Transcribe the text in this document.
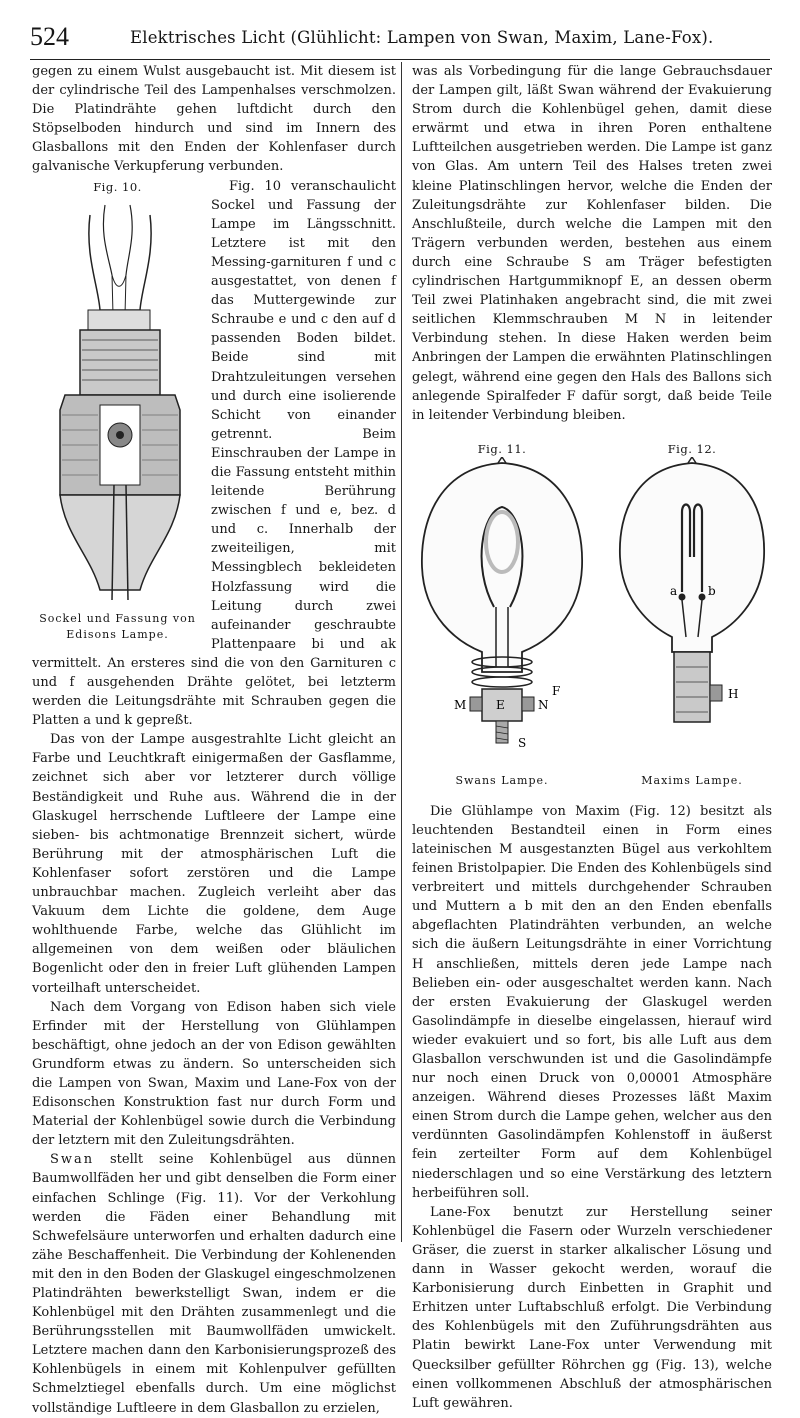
524	Elektrisches Licht (Glühlicht: Lampen von Swan, Maxim, Lane-Fox).

gegen zu einem Wulst ausgebaucht ist. Mit diesem ist der cylindrische Teil des Lampenhalses verschmolzen. Die Platindrähte gehen luftdicht durch den Stöpselboden hindurch und sind im Innern des Glasballons mit den Enden der Kohlenfaser durch galvanische Verkupferung verbunden.

Fig. 10.
Sockel und Fassung von Edisons Lampe.

Fig. 10 veranschaulicht Sockel und Fassung der Lampe im Längsschnitt. Letztere ist mit den Messing-garnituren f und c ausgestattet, von denen f das Muttergewinde zur Schraube e und c den auf d passenden Boden bildet. Beide sind mit Drahtzuleitungen versehen und durch eine isolierende Schicht von einander getrennt. Beim Einschrauben der Lampe in die Fassung entsteht mithin leitende Berührung zwischen f und e, bez. d und c. Innerhalb der zweiteiligen, mit Messingblech bekleideten Holzfassung wird die Leitung durch zwei aufeinander geschraubte Plattenpaare bi und ak vermittelt. An ersteres sind die von den Garnituren c und f ausgehenden Drähte gelötet, bei letzterm werden die Leitungsdrähte mit Schrauben gegen die Platten a und k gepreßt.

Das von der Lampe ausgestrahlte Licht gleicht an Farbe und Leuchtkraft einigermaßen der Gasflamme, zeichnet sich aber vor letzterer durch völlige Beständigkeit und Ruhe aus. Während die in der Glaskugel herrschende Luftleere der Lampe eine sieben- bis achtmonatige Brennzeit sichert, würde Berührung mit der atmosphärischen Luft die Kohlenfaser sofort zerstören und die Lampe unbrauchbar machen. Zugleich verleiht aber das Vakuum dem Lichte die goldene, dem Auge wohlthuende Farbe, welche das Glühlicht im allgemeinen von dem weißen oder bläulichen Bogenlicht oder den in freier Luft glühenden Lampen vorteilhaft unterscheidet.

Nach dem Vorgang von Edison haben sich viele Erfinder mit der Herstellung von Glühlampen beschäftigt, ohne jedoch an der von Edison gewählten Grundform etwas zu ändern. So unterscheiden sich die Lampen von Swan, Maxim und Lane-Fox von der Edisonschen Konstruktion fast nur durch Form und Material der Kohlenbügel sowie durch die Verbindung der letztern mit den Zuleitungsdrähten.

Swan stellt seine Kohlenbügel aus dünnen Baumwollfäden her und gibt denselben die Form einer einfachen Schlinge (Fig. 11). Vor der Verkohlung werden die Fäden einer Behandlung mit Schwefelsäure unterworfen und erhalten dadurch eine zähe Beschaffenheit. Die Verbindung der Kohlenenden mit den in den Boden der Glaskugel eingeschmolzenen Platindrähten bewerkstelligt Swan, indem er die Kohlenbügel mit den Drähten zusammenlegt und die Berührungsstellen mit Baumwollfäden umwickelt. Letztere machen dann den Karbonisierungsprozeß des Kohlenbügels in einem mit Kohlenpulver gefüllten Schmelztiegel ebenfalls durch. Um eine möglichst vollständige Luftleere in dem Glasballon zu erzielen,

was als Vorbedingung für die lange Gebrauchsdauer der Lampen gilt, läßt Swan während der Evakuierung Strom durch die Kohlenbügel gehen, damit diese erwärmt und etwa in ihren Poren enthaltene Luftteilchen ausgetrieben werden. Die Lampe ist ganz von Glas. Am untern Teil des Halses treten zwei kleine Platinschlingen hervor, welche die Enden der Zuleitungsdrähte zur Kohlenfaser bilden. Die Anschlußteile, durch welche die Lampen mit den Trägern verbunden werden, bestehen aus einem durch eine Schraube S am Träger befestigten cylindrischen Hartgummiknopf E, an dessen oberm Teil zwei Platinhaken angebracht sind, die mit zwei seitlichen Klemmschrauben M N in leitender Verbindung stehen. In diese Haken werden beim Anbringen der Lampen die erwähnten Platinschlingen gelegt, während eine gegen den Hals des Ballons sich anlegende Spiralfeder F dafür sorgt, daß beide Teile in leitender Verbindung bleiben.

Fig. 11.
F
M E	N
S
Swans Lampe.
Fig. 12.
a	b
H
Maxims Lampe.

Die Glühlampe von Maxim (Fig. 12) besitzt als leuchtenden Bestandteil einen in Form eines lateinischen M ausgestanzten Bügel aus verkohltem feinen Bristolpapier. Die Enden des Kohlenbügels sind verbreitert und mittels durchgehender Schrauben und Muttern a b mit den an den Enden ebenfalls abgeflachten Platindrähten verbunden, an welche sich die äußern Leitungsdrähte in einer Vorrichtung H anschließen, mittels deren jede Lampe nach Belieben ein- oder ausgeschaltet werden kann. Nach der ersten Evakuierung der Glaskugel werden Gasolindämpfe in dieselbe eingelassen, hierauf wird wieder evakuiert und so fort, bis alle Luft aus dem Glasballon verschwunden ist und die Gasolindämpfe nur noch einen Druck von 0,00001 Atmosphäre anzeigen. Während dieses Prozesses läßt Maxim einen Strom durch die Lampe gehen, welcher aus den verdünnten Gasolindämpfen Kohlenstoff in äußerst fein zerteilter Form auf dem Kohlenbügel niederschlagen und so eine Verstärkung des letztern herbeiführen soll.

Lane-Fox benutzt zur Herstellung seiner Kohlenbügel die Fasern oder Wurzeln verschiedener Gräser, die zuerst in starker alkalischer Lösung und dann in Wasser gekocht werden, worauf die Karbonisierung durch Einbetten in Graphit und Erhitzen unter Luftabschluß erfolgt. Die Verbindung des Kohlenbügels mit den Zuführungsdrähten aus Platin bewirkt Lane-Fox unter Verwendung mit Quecksilber gefüllter Röhrchen gg (Fig. 13), welche einen vollkommenen Abschluß der atmosphärischen Luft gewähren.
